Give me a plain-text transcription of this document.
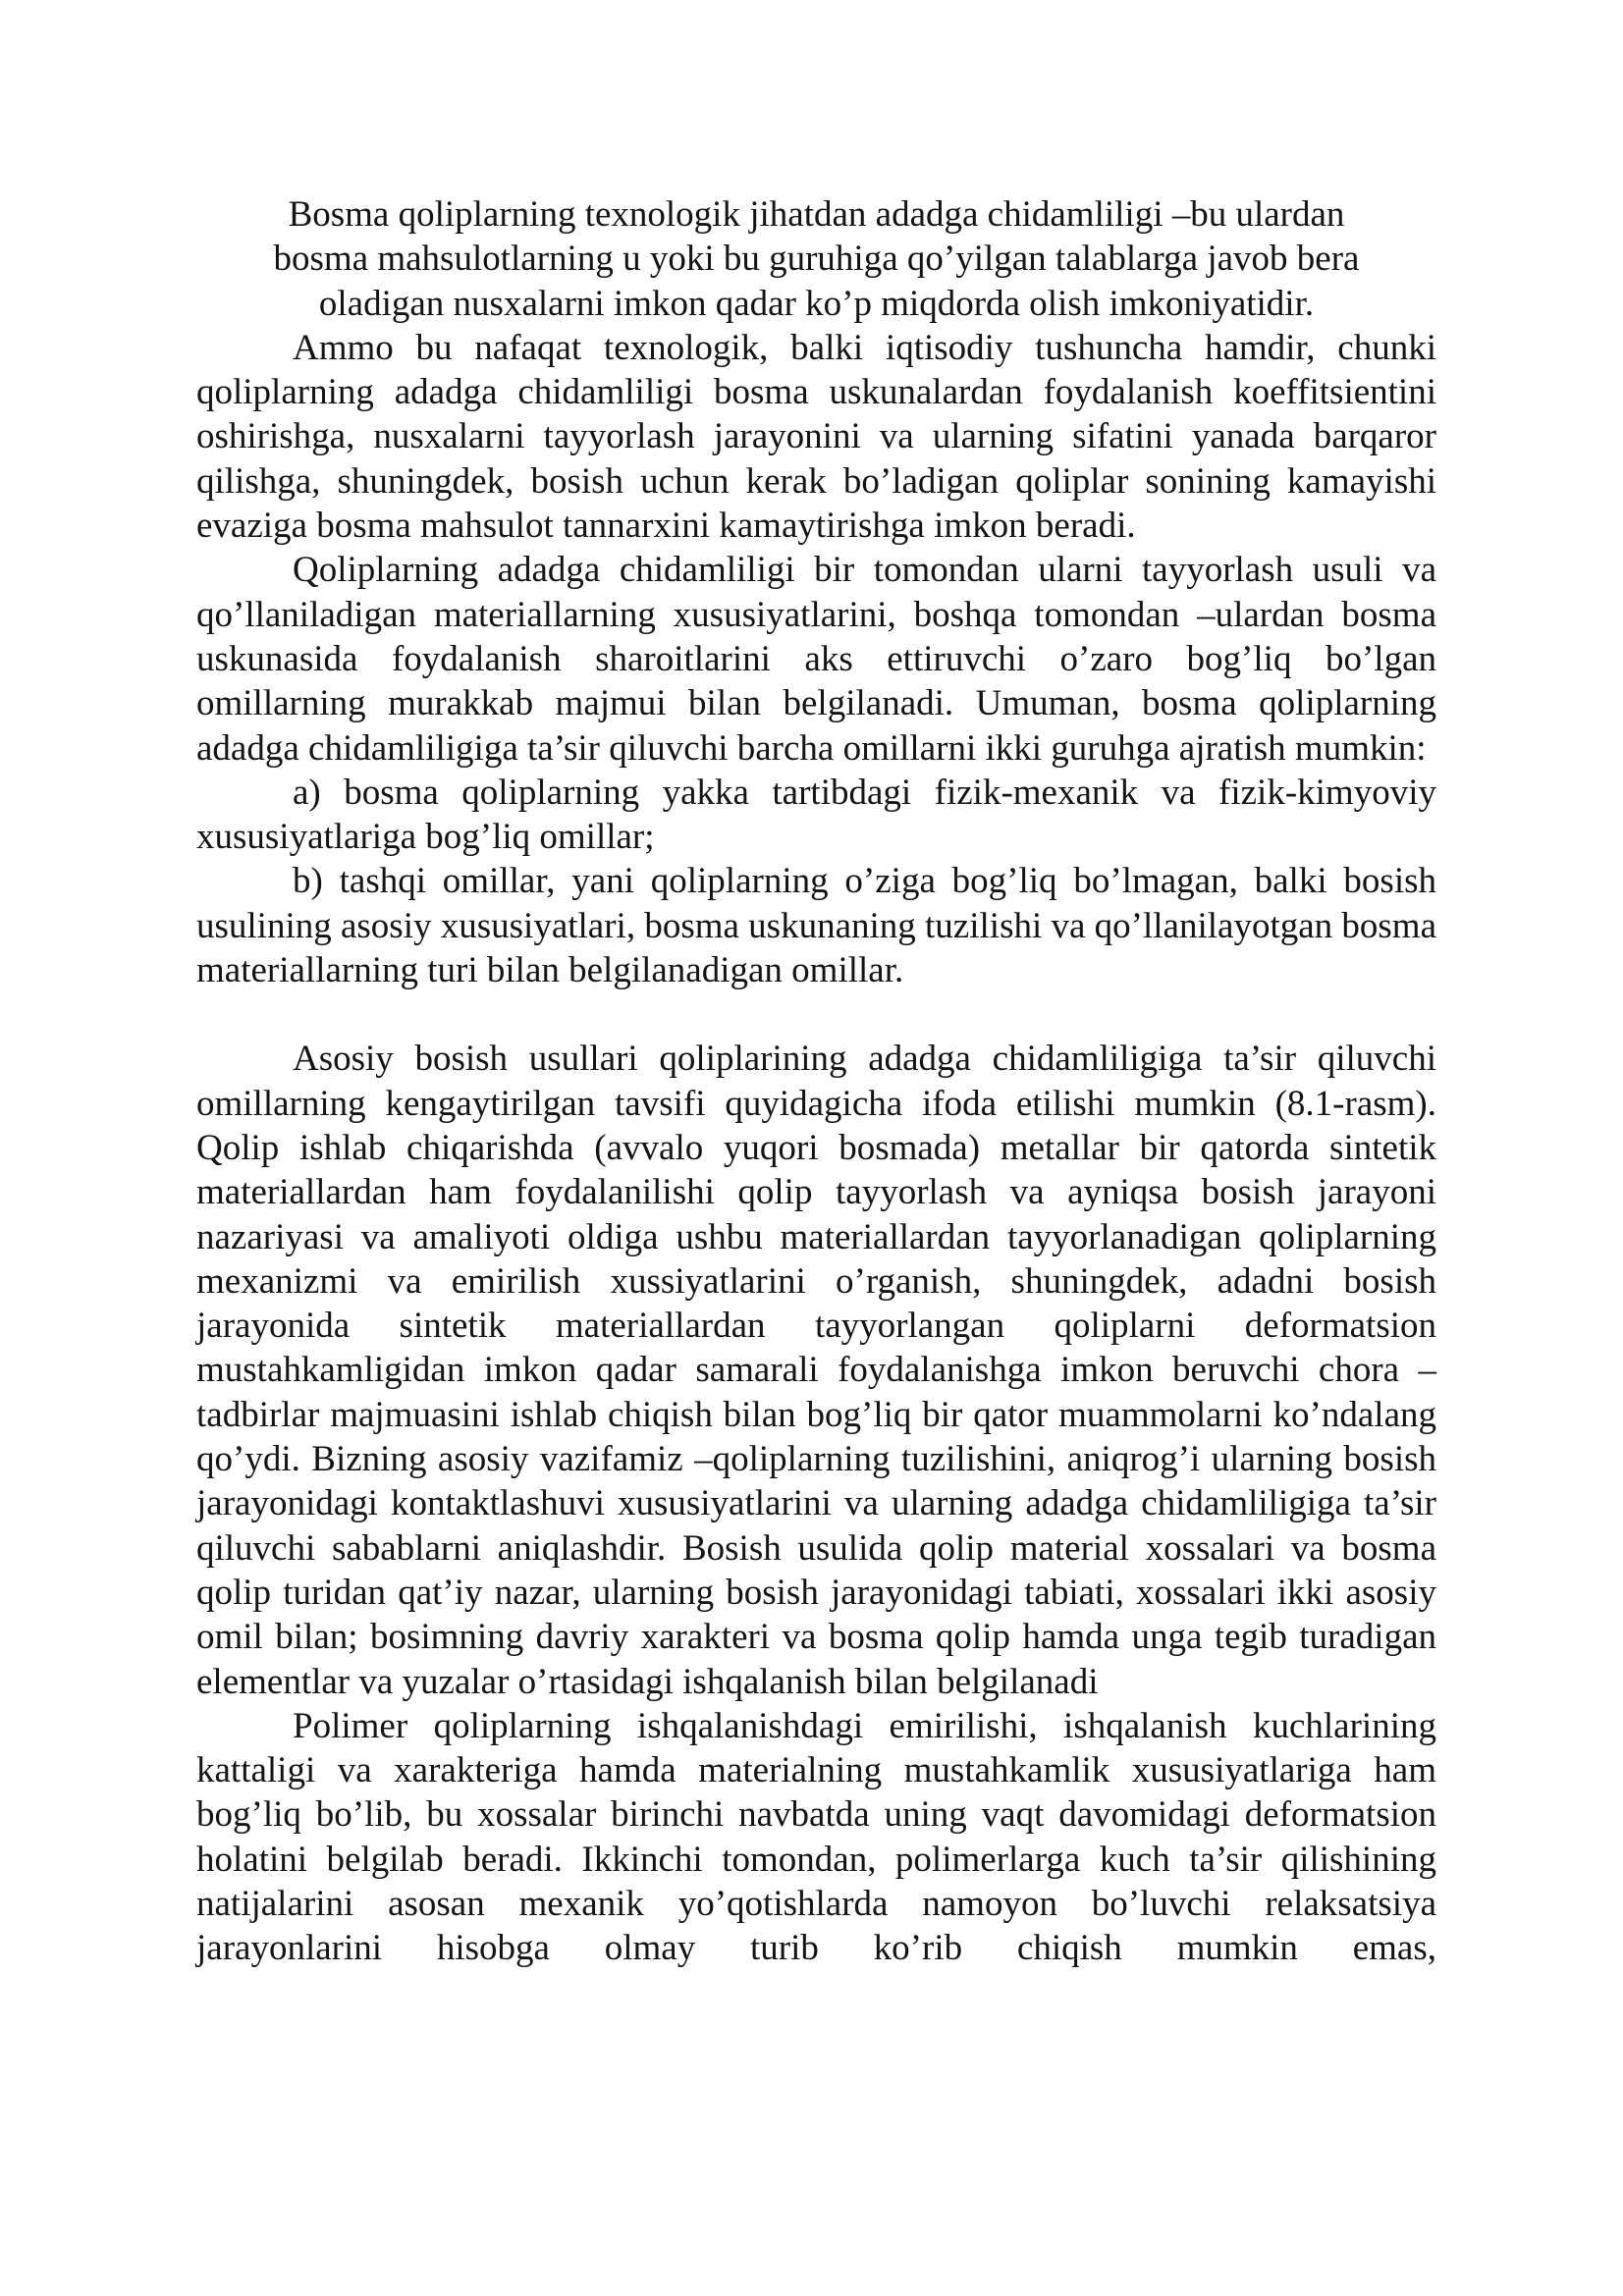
Bosma qoliplarning texnologik jihatdan adadga chidamliligi –bu ulardan

bosma mahsulotlarning u yoki bu guruhiga qo’yilgan talablarga javob bera

oladigan nusxalarni imkon qadar ko’p miqdorda olish imkoniyatidir.

Ammo bu nafaqat texnologik, balki iqtisodiy tushuncha hamdir, chunki qoliplarning adadga chidamliligi bosma uskunalardan foydalanish koeffitsientini oshirishga, nusxalarni tayyorlash jarayonini va ularning sifatini yanada barqaror qilishga, shuningdek, bosish uchun kerak bo’ladigan qoliplar sonining kamayishi evaziga bosma mahsulot tannarxini kamaytirishga imkon beradi.

Qoliplarning adadga chidamliligi bir tomondan ularni tayyorlash usuli va qo’llaniladigan materiallarning xususiyatlarini, boshqa tomondan –ulardan bosma uskunasida foydalanish sharoitlarini aks ettiruvchi o’zaro bog’liq bo’lgan omillarning murakkab majmui bilan belgilanadi. Umuman, bosma qoliplarning adadga chidamliligiga ta’sir qiluvchi barcha omillarni ikki guruhga ajratish mumkin:

a) bosma qoliplarning yakka tartibdagi fizik-mexanik va fizik-kimyoviy xususiyatlariga bog’liq omillar;

b) tashqi omillar, yani qoliplarning o’ziga bog’liq bo’lmagan, balki bosish usulining asosiy xususiyatlari, bosma uskunaning tuzilishi va qo’llanilayotgan bosma materiallarning turi bilan belgilanadigan omillar.

Asosiy bosish usullari qoliplarining adadga chidamliligiga ta’sir qiluvchi omillarning kengaytirilgan tavsifi quyidagicha ifoda etilishi mumkin (8.1-rasm). Qolip ishlab chiqarishda (avvalo yuqori bosmada) metallar bir qatorda sintetik materiallardan ham foydalanilishi qolip tayyorlash va ayniqsa bosish jarayoni nazariyasi va amaliyoti oldiga ushbu materiallardan tayyorlanadigan qoliplarning mexanizmi va emirilish xussiyatlarini o’rganish, shuningdek, adadni bosish jarayonida sintetik materiallardan tayyorlangan qoliplarni deformatsion mustahkamligidan imkon qadar samarali foydalanishga imkon beruvchi chora –tadbirlar majmuasini ishlab chiqish bilan bog’liq bir qator muammolarni ko’ndalang qo’ydi. Bizning asosiy vazifamiz –qoliplarning tuzilishini, aniqrog’i ularning bosish jarayonidagi kontaktlashuvi xususiyatlarini va ularning adadga chidamliligiga ta’sir qiluvchi sabablarni aniqlashdir. Bosish usulida qolip material xossalari va bosma qolip turidan qat’iy nazar, ularning bosish jarayonidagi tabiati, xossalari ikki asosiy omil bilan; bosimning davriy xarakteri va bosma qolip hamda unga tegib turadigan elementlar va yuzalar o’rtasidagi ishqalanish bilan belgilanadi

Polimer qoliplarning ishqalanishdagi emirilishi, ishqalanish kuchlarining kattaligi va xarakteriga hamda materialning mustahkamlik xususiyatlariga ham bog’liq bo’lib, bu xossalar birinchi navbatda uning vaqt davomidagi deformatsion holatini belgilab beradi. Ikkinchi tomondan, polimerlarga kuch ta’sir qilishining natijalarini asosan mexanik yo’qotishlarda namoyon bo’luvchi relaksatsiya jarayonlarini hisobga olmay turib ko’rib chiqish mumkin emas,
